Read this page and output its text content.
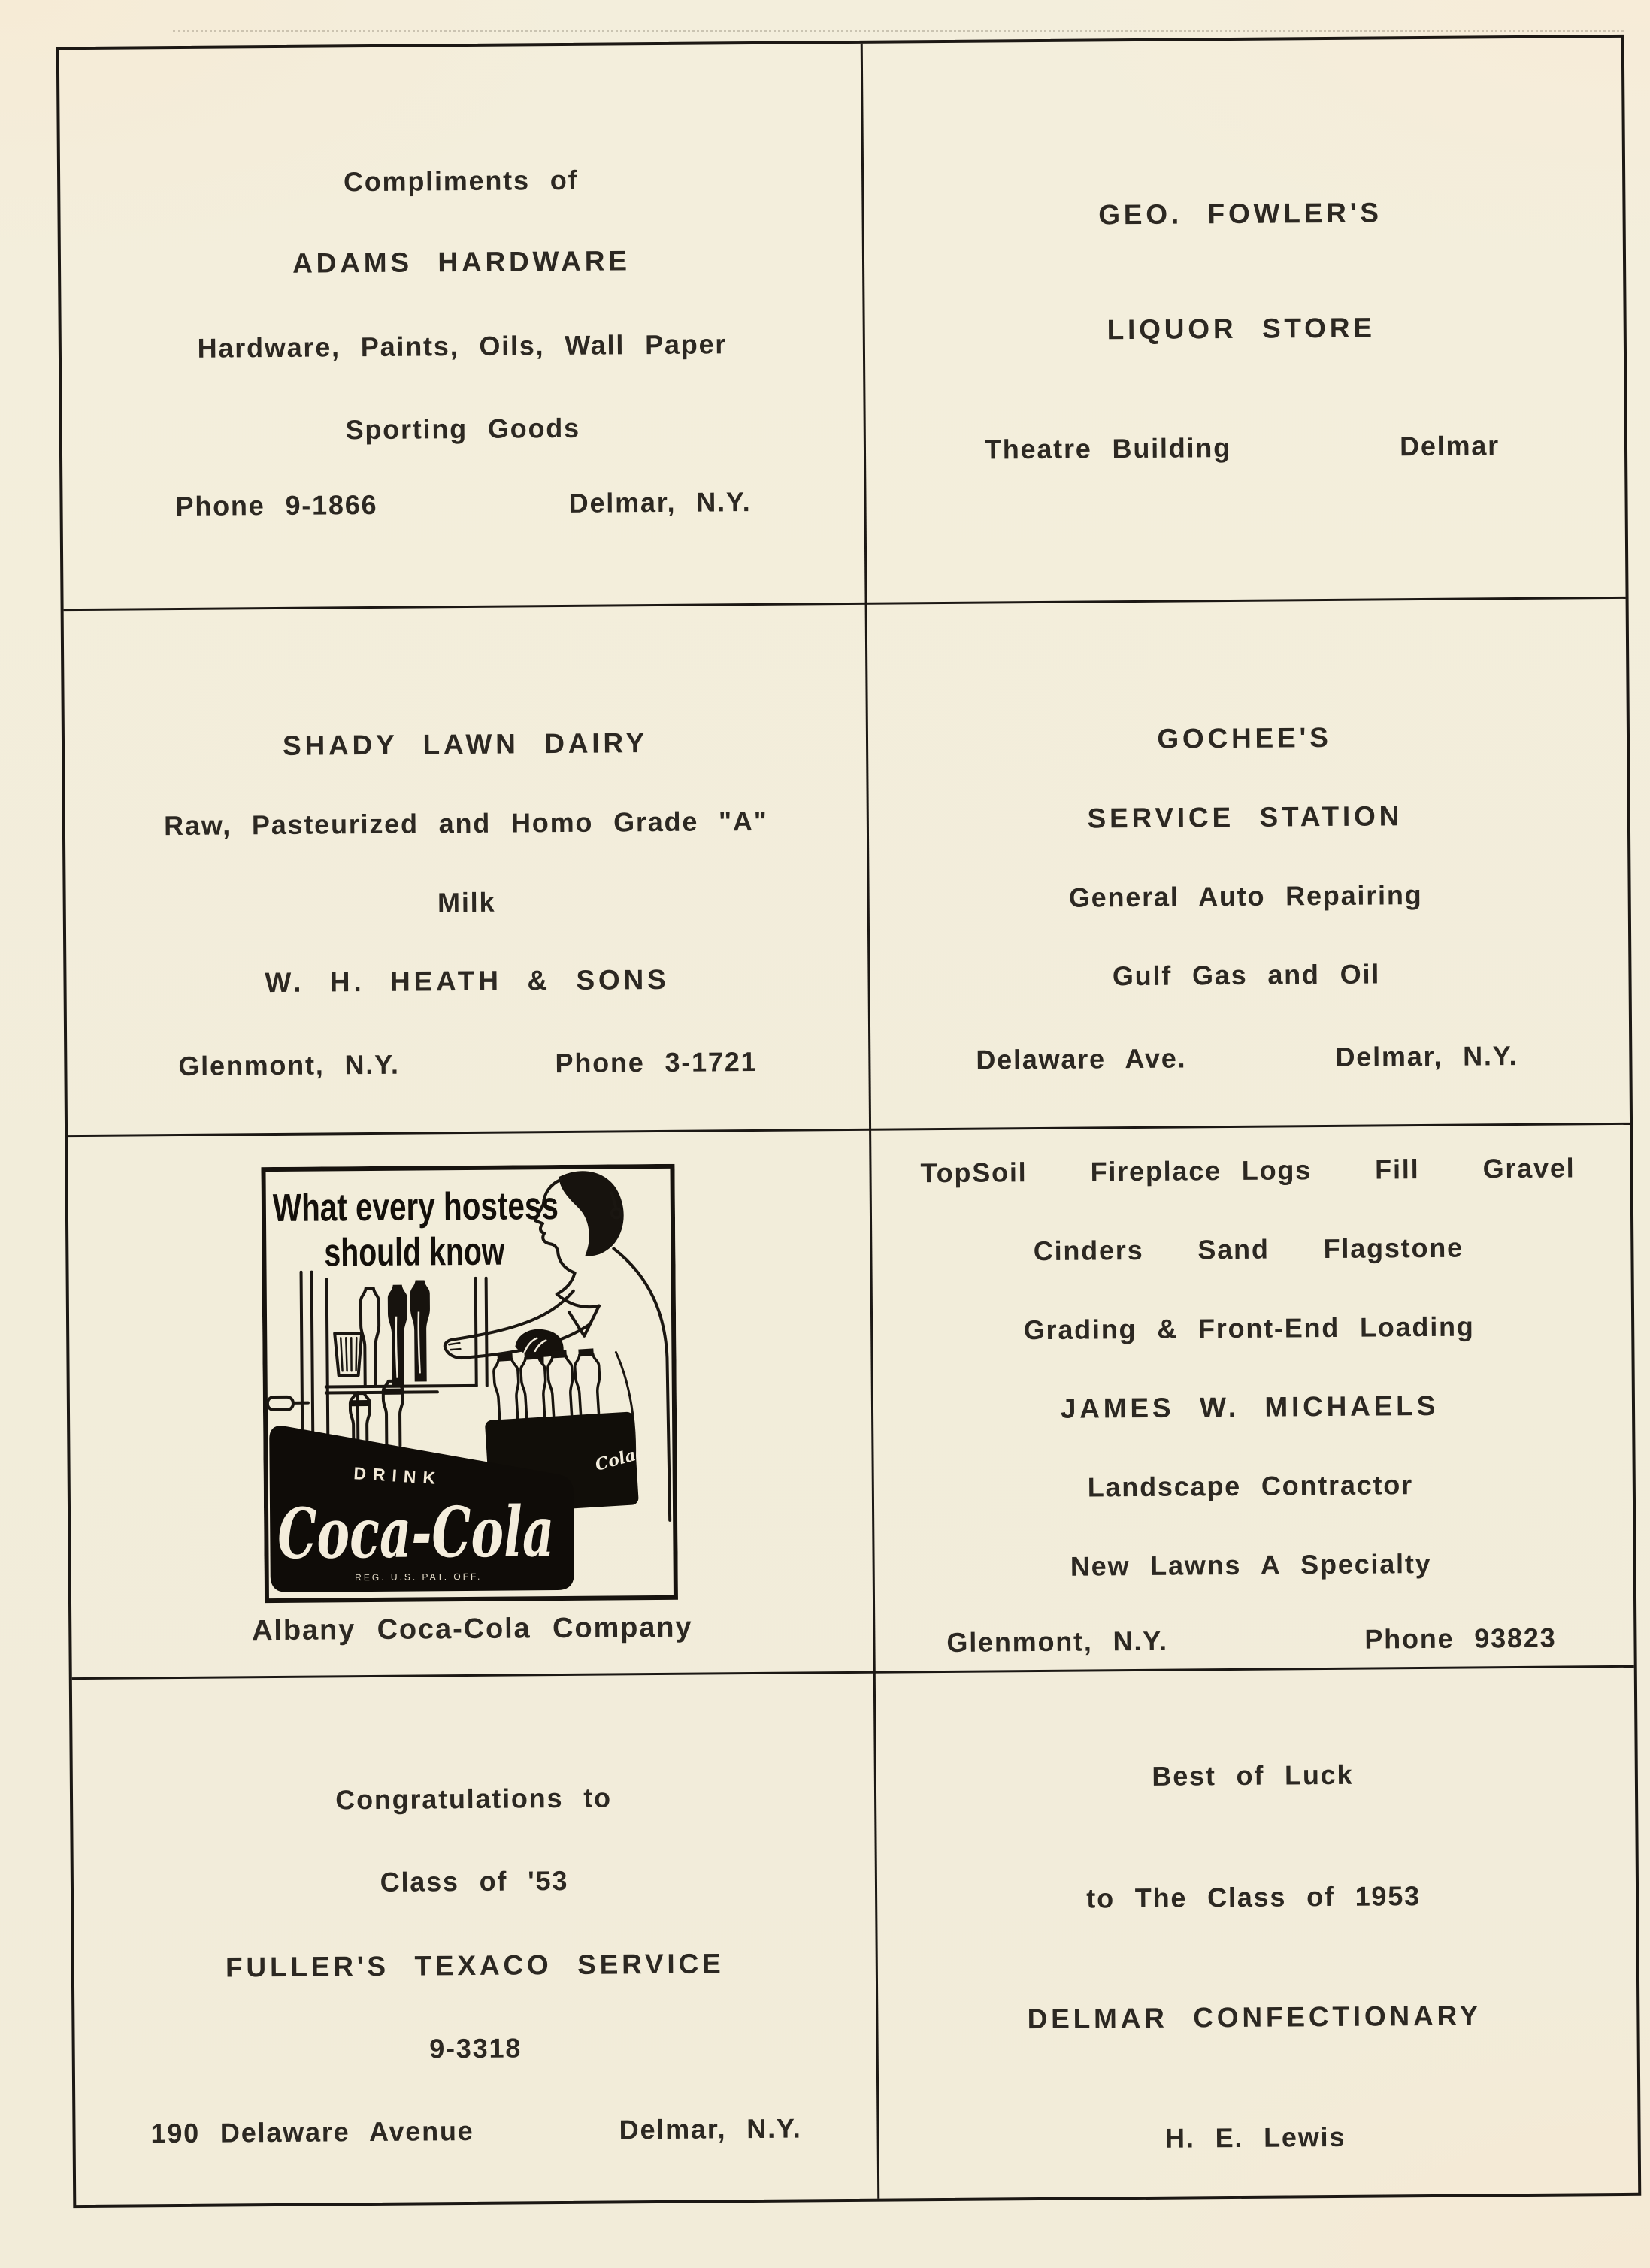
Compliments of
ADAMS HARDWARE
Hardware, Paints, Oils, Wall Paper
Sporting Goods
Phone 9-1866	Delmar, N.Y.
GEO. FOWLER'S
LIQUOR STORE
Theatre Building	Delmar
SHADY LAWN DAIRY
Raw, Pasteurized and Homo Grade "A"
Milk
W. H. HEATH & SONS
Glenmont, N.Y.	Phone 3-1721
GOCHEE'S
SERVICE STATION
General Auto Repairing
Gulf Gas and Oil
Delaware Ave.	Delmar, N.Y.
Cola
DRINK
Coca-Cola
REG. U.S. PAT. OFF.
What every hostess
should know
Albany Coca-Cola Company
TopSoil Fireplace Logs Fill Gravel
Cinders Sand Flagstone
Grading & Front-End Loading
JAMES W. MICHAELS
Landscape Contractor
New Lawns A Specialty
Glenmont, N.Y.	Phone 93823
Congratulations to
Class of '53
FULLER'S TEXACO SERVICE
9-3318
190 Delaware Avenue	Delmar, N.Y.
Best of Luck
to The Class of 1953
DELMAR CONFECTIONARY
H. E. Lewis
